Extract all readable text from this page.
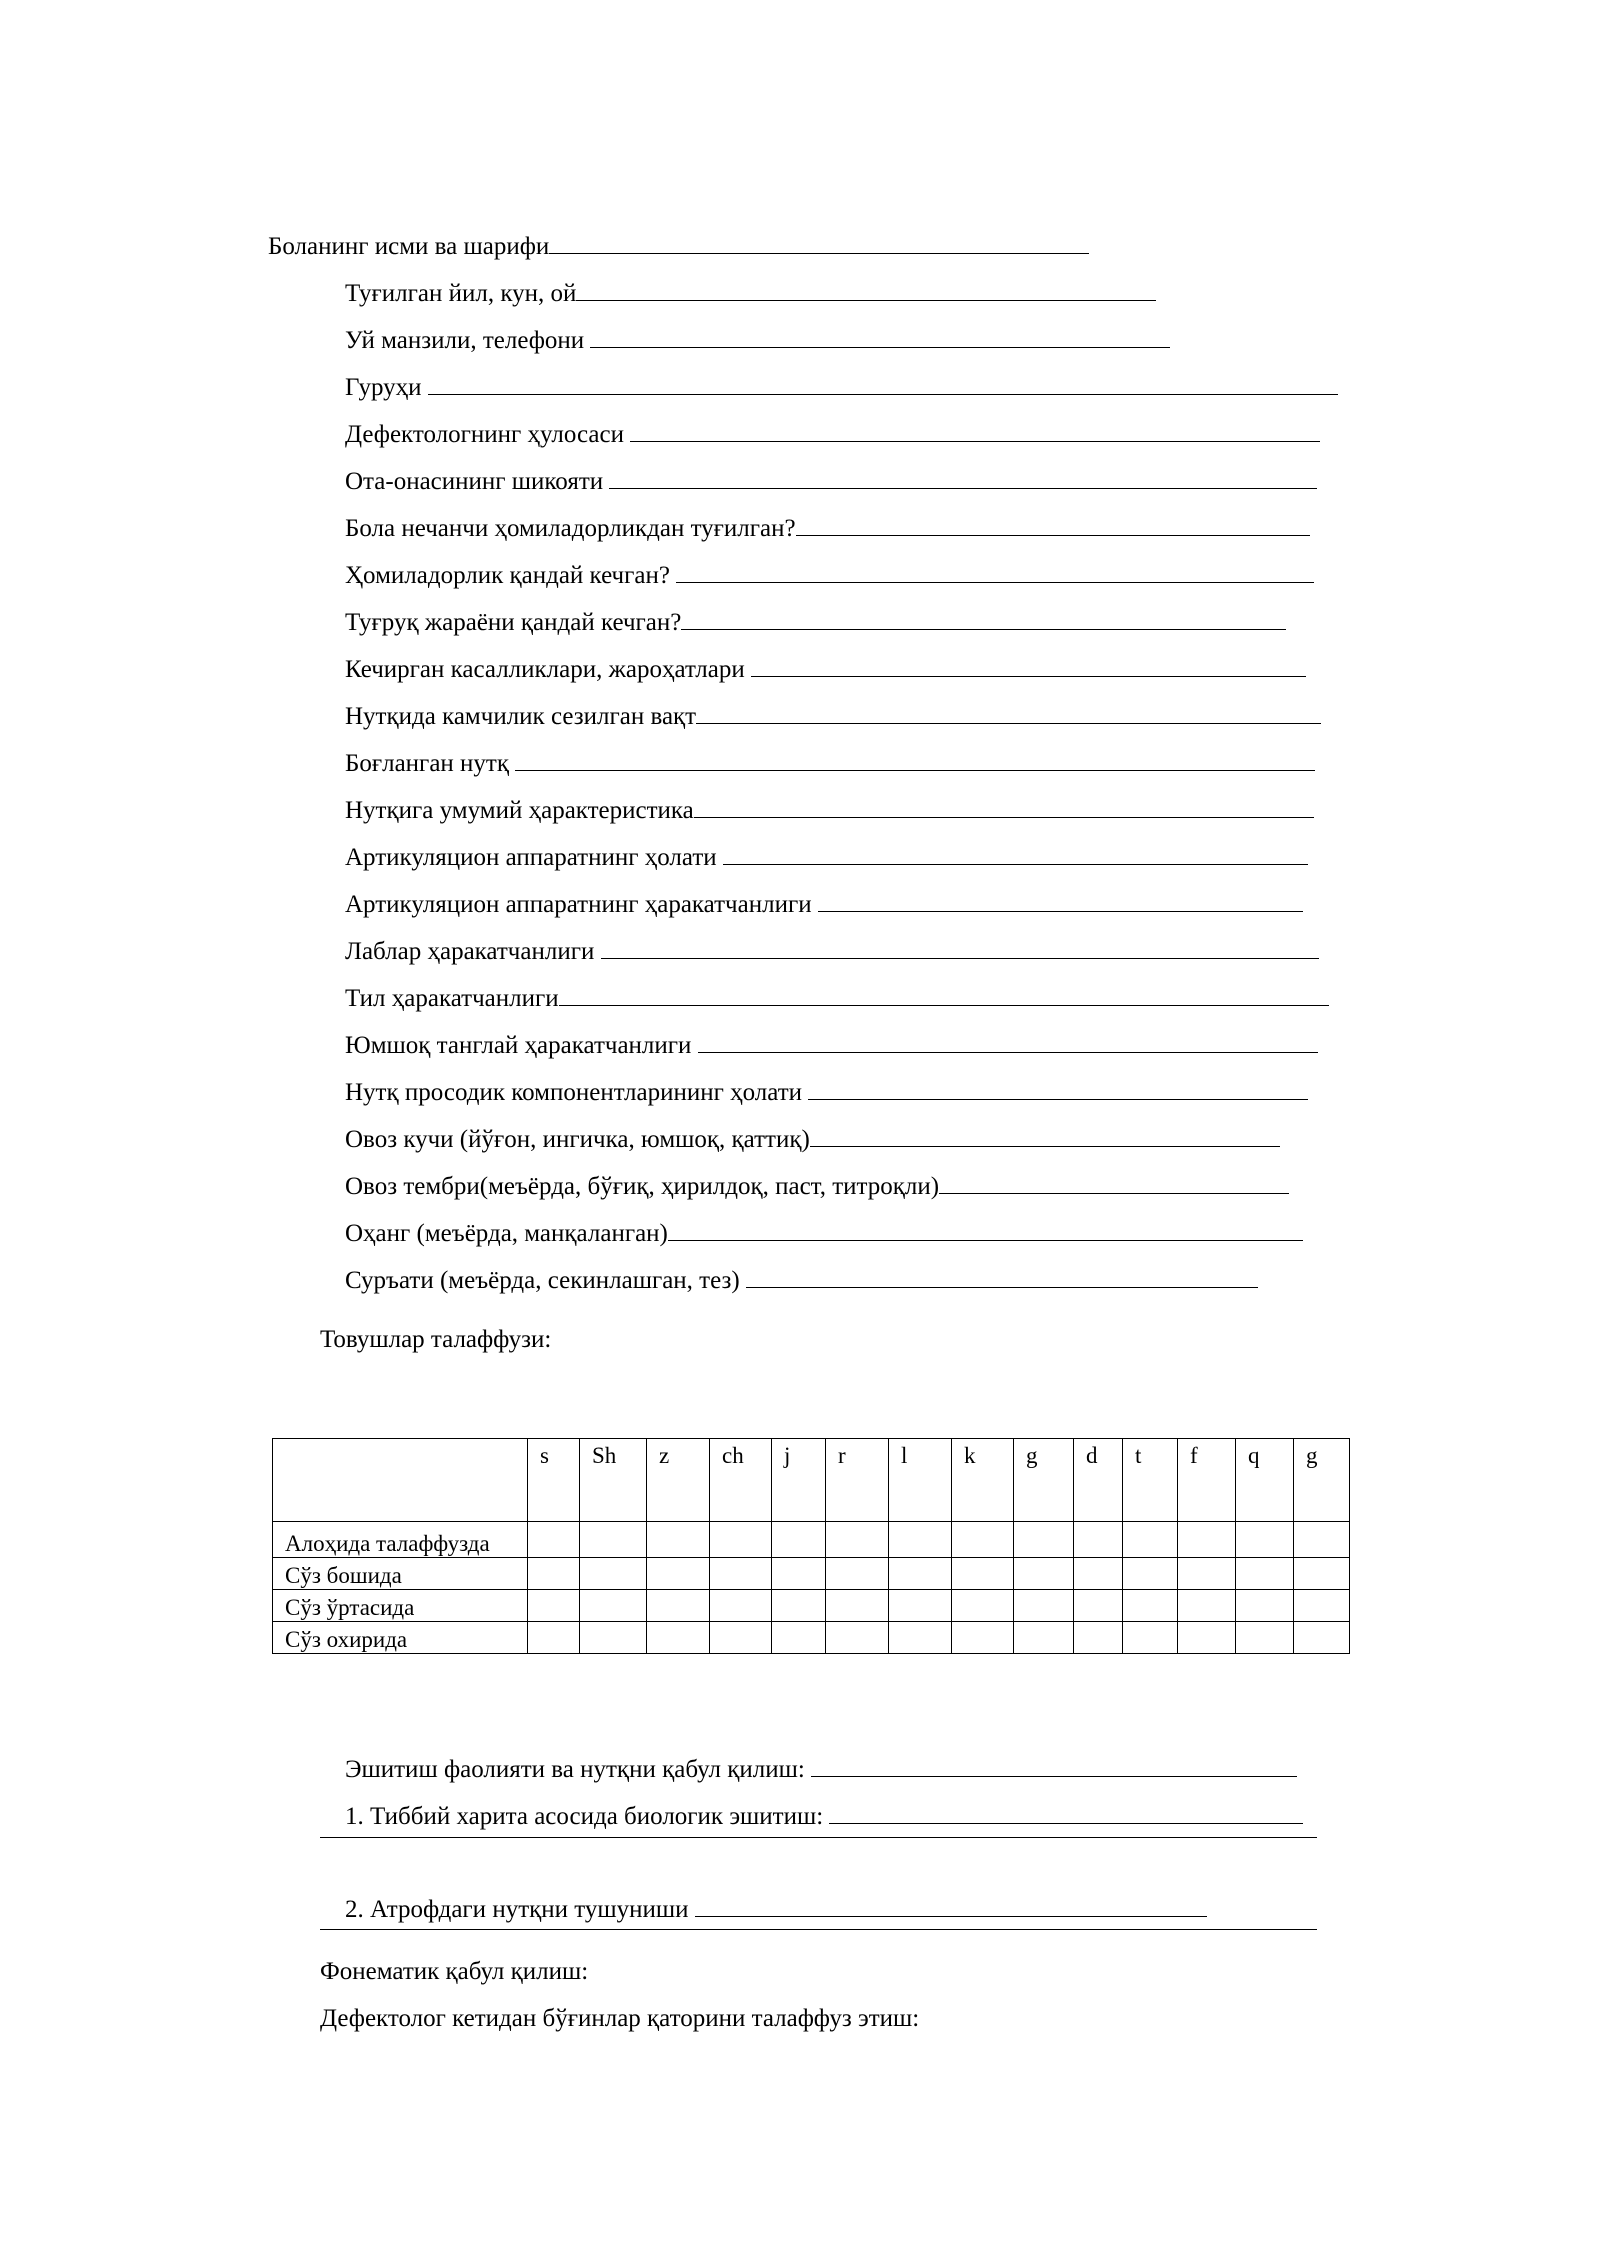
Боланинг исми ва шарифи

Туғилган йил, кун, ой

Уй манзили, телефони

Гуруҳи

Дефектологнинг ҳулосаси

Ота-онасининг шикояти

Бола нечанчи ҳомиладорликдан туғилган?

Ҳомиладорлик қандай кечган?

Туғруқ жараёни қандай кечган?

Кечирган касалликлари, жароҳатлари

Нутқида камчилик сезилган вақт

Боғланган нутқ

Нутқига умумий ҳарактеристика

Артикуляцион аппаратнинг ҳолати

Артикуляцион аппаратнинг ҳаракатчанлиги

Лаблар ҳаракатчанлиги

Тил ҳаракатчанлиги

Юмшоқ танглай ҳаракатчанлиги

Нутқ просодик компонентларининг ҳолати

Овоз кучи (йўғон, ингичка, юмшоқ, қаттиқ)

Овоз тембри(меъёрда, бўғиқ, ҳирилдоқ, паст, титроқли)

Оҳанг (меъёрда, манқаланган)

Суръати (меъёрда, секинлашган, тез)

Товушлар талаффузи:
	s	Sh	z	ch	j	r	l	k	g	d	t	f	q	g
Алоҳида талаффузда														
Сўз бошида														
Сўз ўртасида														
Сўз охирида														

Эшитиш фаолияти ва нутқни қабул қилиш:

1. Тиббий харита асосида биологик эшитиш:

2. Атрофдаги нутқни тушуниши

Фонематик қабул қилиш:
Дефектолог кетидан бўғинлар қаторини талаффуз этиш:
